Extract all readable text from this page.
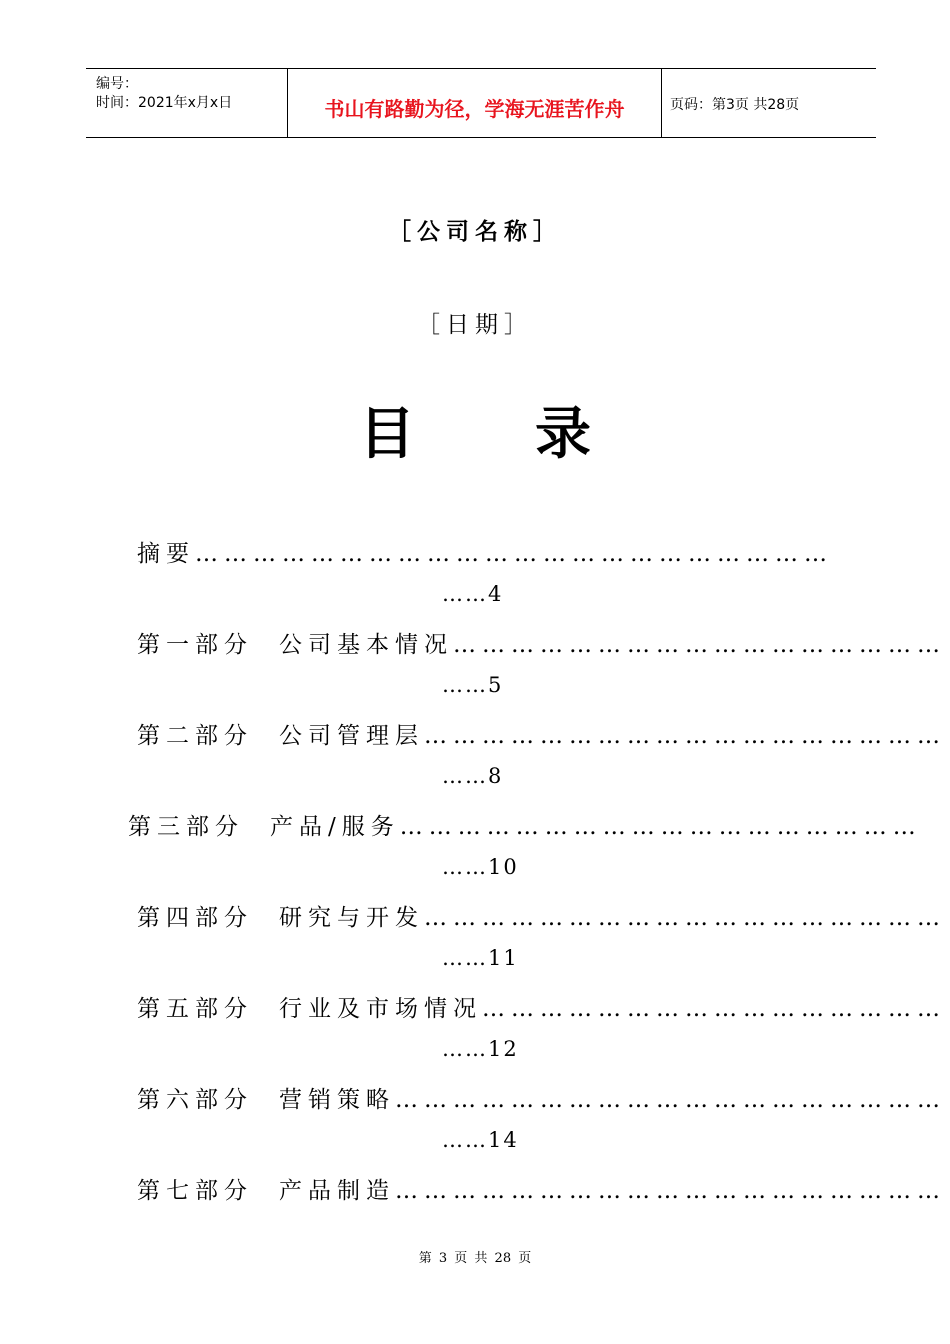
编号：
时间：2021年x月x日	书山有路勤为径，学海无涯苦作舟	页码：第3页 共28页
［公司名称］
［日期］
目录
摘要…………………………………………………………
……4
第一部分 公司基本情况……………………………………………
……5
第二部分 公司管理层………………………………………………
……8
第三部分 产品/服务………………………………………………
……10
第四部分 研究与开发………………………………………………
……11
第五部分 行业及市场情况…………………………………………
……12
第六部分 营销策略…………………………………………………
……14
第七部分 产品制造…………………………………………………
第 3 页 共 28 页
